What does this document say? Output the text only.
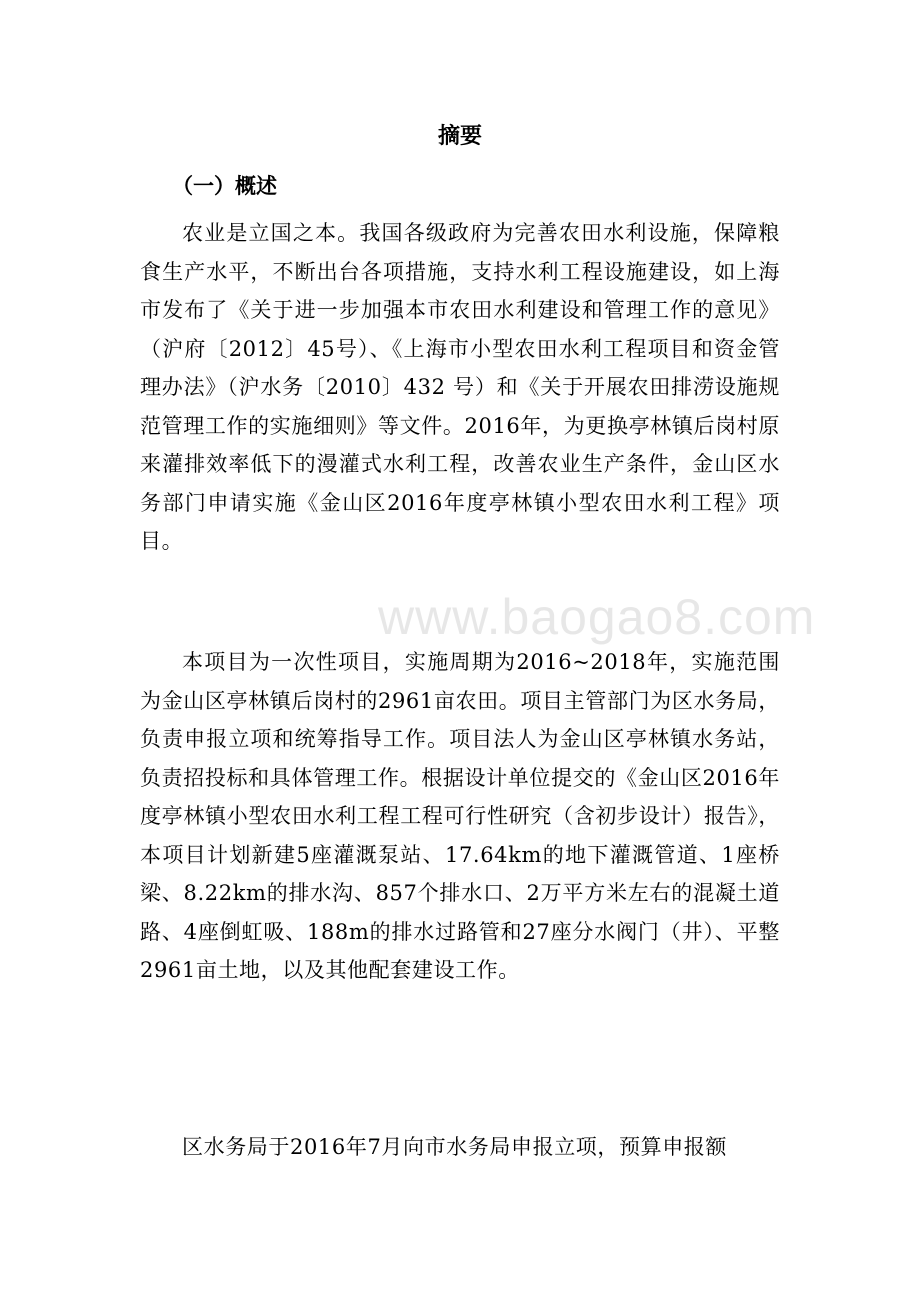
摘要
（一）概述

农业是立国之本。我国各级政府为完善农田水利设施，保障粮食生产水平，不断出台各项措施，支持水利工程设施建设，如上海市发布了《关于进一步加强本市农田水利建设和管理工作的意见》（沪府〔2012〕45号）、《上海市小型农田水利工程项目和资金管理办法》（沪水务〔2010〕432 号）和《关于开展农田排涝设施规范管理工作的实施细则》等文件。2016年，为更换亭林镇后岗村原来灌排效率低下的漫灌式水利工程，改善农业生产条件，金山区水务部门申请实施《金山区2016年度亭林镇小型农田水利工程》项目。

本项目为一次性项目，实施周期为2016~2018年，实施范围为金山区亭林镇后岗村的2961亩农田。项目主管部门为区水务局，负责申报立项和统筹指导工作。项目法人为金山区亭林镇水务站，负责招投标和具体管理工作。根据设计单位提交的《金山区2016年度亭林镇小型农田水利工程工程可行性研究（含初步设计）报告》，本项目计划新建5座灌溉泵站、17.64km的地下灌溉管道、1座桥梁、8.22km的排水沟、857个排水口、2万平方米左右的混凝土道路、4座倒虹吸、188m的排水过路管和27座分水阀门（井）、平整2961亩土地，以及其他配套建设工作。

区水务局于2016年7月向市水务局申报立项，预算申报额

www.baogao8.com
